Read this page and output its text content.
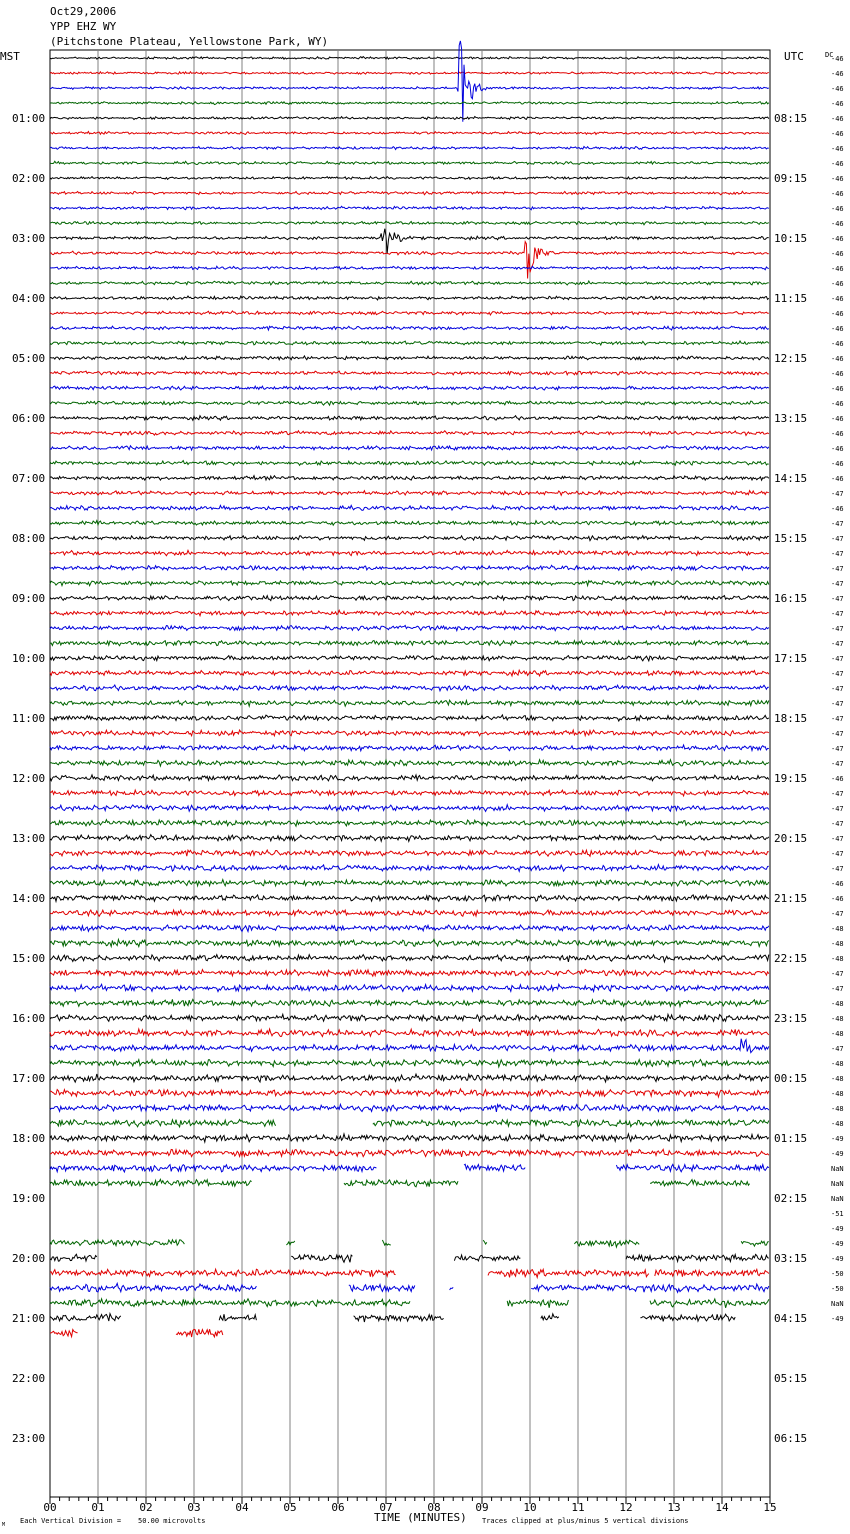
Oct29,2006
YPP EHZ WY
(Pitchstone Plateau, Yellowstone Park, WY)
MST	UTC	DC
00	01	02	03	04	05	06	07	08	09	10	11	12	13	14	15
01:00	08:15
02:00	09:15
03:00	10:15
04:00	11:15
05:00	12:15
06:00	13:15
07:00	14:15
08:00	15:15
09:00	16:15
10:00	17:15
11:00	18:15
12:00	19:15
13:00	20:15
14:00	21:15
15:00	22:15
16:00	23:15
17:00	00:15
18:00	01:15
19:00	02:15
20:00	03:15
21:00	04:15
22:00	05:15
23:00	06:15
-46
-46
-46
-46
-46
-46
-46
-46
-46
-46
-46
-46
-46
-46
-46
-46
-46
-46
-46
-46
-46
-46
-46
-46
-46
-46
-46
-46
-46
-47
-46
-47
-47
-47
-47
-47
-47
-47
-47
-47
-47
-47
-47
-47
-47
-47
-47
-47
-46
-47
-47
-47
-47
-47
-47
-46
-46
-47
-48
-48
-48
-47
-47
-48
-48
-48
-47
-48
-48
-48
-48
-48
-49
-49
NaN
NaN
NaN
-51
-49
-49
-49
-50
-50
NaN
-49
TIME (MINUTES)
Each Vertical Division =    50.00 microvolts	Traces clipped at plus/minus 5 vertical divisions
M
